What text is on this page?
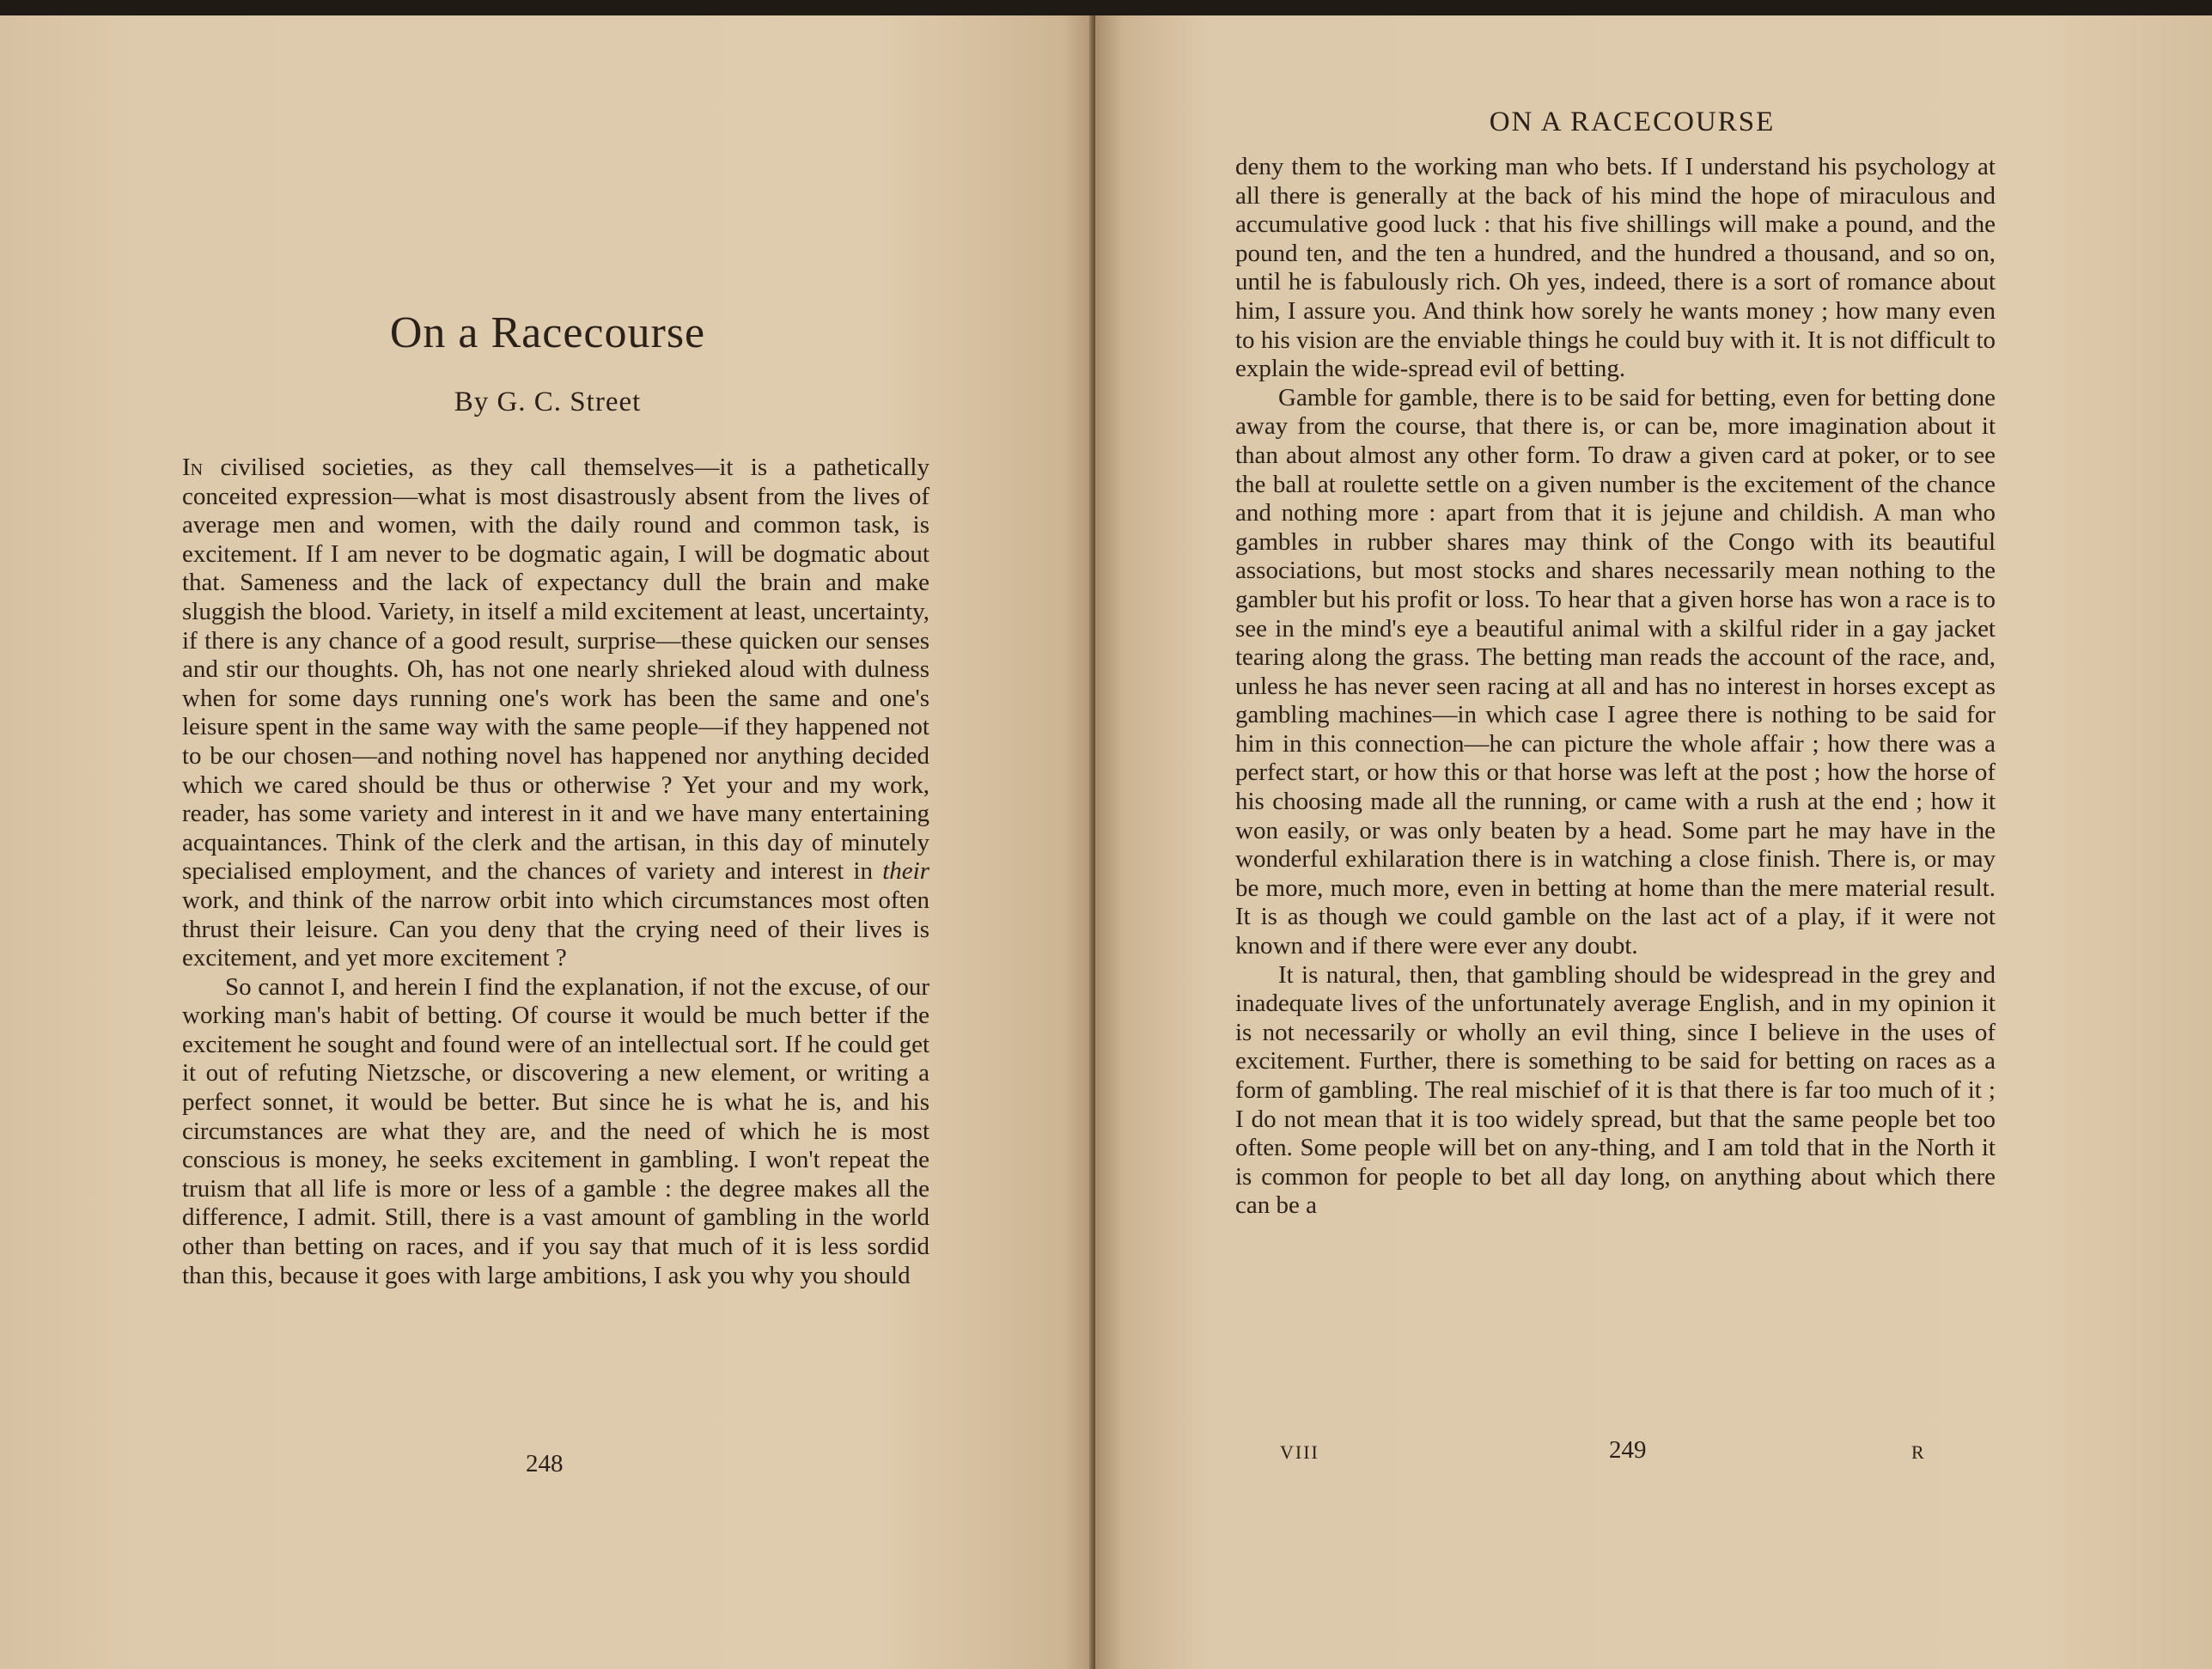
On a Racecourse
By G. C. Street

In civilised societies, as they call themselves—it is a pathetically conceited expression—what is most disastrously absent from the lives of average men and women, with the daily round and common task, is excitement. If I am never to be dogmatic again, I will be dogmatic about that. Sameness and the lack of expectancy dull the brain and make sluggish the blood. Variety, in itself a mild excitement at least, uncertainty, if there is any chance of a good result, surprise—these quicken our senses and stir our thoughts. Oh, has not one nearly shrieked aloud with dulness when for some days running one's work has been the same and one's leisure spent in the same way with the same people—if they happened not to be our chosen—and nothing novel has happened nor anything decided which we cared should be thus or otherwise ? Yet your and my work, reader, has some variety and interest in it and we have many entertaining acquaintances. Think of the clerk and the artisan, in this day of minutely specialised employment, and the chances of variety and interest in their work, and think of the narrow orbit into which circumstances most often thrust their leisure. Can you deny that the crying need of their lives is excitement, and yet more excitement ?

So cannot I, and herein I find the explanation, if not the excuse, of our working man's habit of betting. Of course it would be much better if the excitement he sought and found were of an intellectual sort. If he could get it out of refuting Nietzsche, or discovering a new element, or writing a perfect sonnet, it would be better. But since he is what he is, and his circumstances are what they are, and the need of which he is most conscious is money, he seeks excitement in gambling. I won't repeat the truism that all life is more or less of a gamble : the degree makes all the difference, I admit. Still, there is a vast amount of gambling in the world other than betting on races, and if you say that much of it is less sordid than this, because it goes with large ambitions, I ask you why you should

248
ON A RACECOURSE

deny them to the working man who bets. If I understand his psychology at all there is generally at the back of his mind the hope of miraculous and accumulative good luck : that his five shillings will make a pound, and the pound ten, and the ten a hundred, and the hundred a thousand, and so on, until he is fabulously rich. Oh yes, indeed, there is a sort of romance about him, I assure you. And think how sorely he wants money ; how many even to his vision are the enviable things he could buy with it. It is not difficult to explain the wide-spread evil of betting.

Gamble for gamble, there is to be said for betting, even for betting done away from the course, that there is, or can be, more imagination about it than about almost any other form. To draw a given card at poker, or to see the ball at roulette settle on a given number is the excitement of the chance and nothing more : apart from that it is jejune and childish. A man who gambles in rubber shares may think of the Congo with its beautiful associations, but most stocks and shares necessarily mean nothing to the gambler but his profit or loss. To hear that a given horse has won a race is to see in the mind's eye a beautiful animal with a skilful rider in a gay jacket tearing along the grass. The betting man reads the account of the race, and, unless he has never seen racing at all and has no interest in horses except as gambling machines—in which case I agree there is nothing to be said for him in this connection—he can picture the whole affair ; how there was a perfect start, or how this or that horse was left at the post ; how the horse of his choosing made all the running, or came with a rush at the end ; how it won easily, or was only beaten by a head. Some part he may have in the wonderful exhilaration there is in watching a close finish. There is, or may be more, much more, even in betting at home than the mere material result. It is as though we could gamble on the last act of a play, if it were not known and if there were ever any doubt.

It is natural, then, that gambling should be widespread in the grey and inadequate lives of the unfortunately average English, and in my opinion it is not necessarily or wholly an evil thing, since I believe in the uses of excitement. Further, there is something to be said for betting on races as a form of gambling. The real mischief of it is that there is far too much of it ; I do not mean that it is too widely spread, but that the same people bet too often. Some people will bet on any-thing, and I am told that in the North it is common for people to bet all day long, on anything about which there can be a

VIII	249	R
